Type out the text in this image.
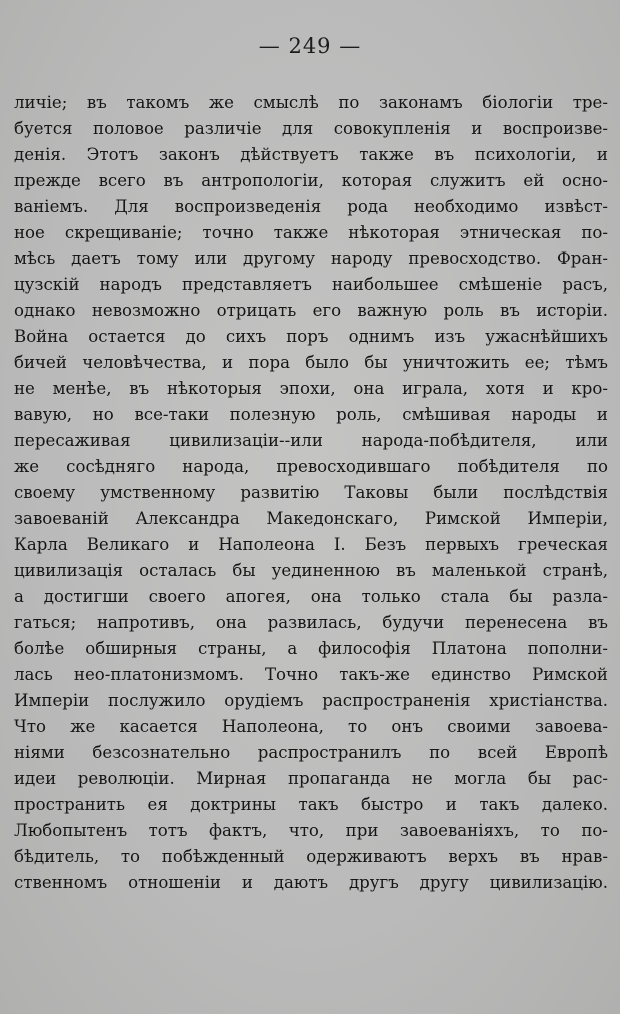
— 249 —
личie; въ такомъ же смыслѣ по законамъ бiологiи тре-
буется половое различie для совокупленiя и воспроизве-
денiя. Этотъ законъ дѣйствуетъ также въ психологiи, и
прежде всего въ антропологiи, которая служитъ ей осно-
ванiемъ. Для воспроизведенiя рода необходимо извѣст-
ное скрещиванie; точно также нѣкоторая этническая по-
мѣсь даетъ тому или другому народу превосходство. Фран-
цузскiй народъ представляетъ наибольшее смѣшенie расъ,
однако невозможно отрицать его важную роль въ исторiи.
Война остается до сихъ поръ однимъ изъ ужаснѣйшихъ
бичей человѣчества, и пора было бы уничтожить ее; тѣмъ
не менѣе, въ нѣкоторыя эпохи, она играла, хотя и кро-
вавую, но все-таки полезную роль, смѣшивая народы и
пересаживая цивилизацiи--или народа-побѣдителя, или
же сосѣдняго народа, превосходившаго побѣдителя по
своему умственному развитiю Таковы были послѣдствiя
завоеванiй Александра Македонскаго, Римской Имперiи,
Карла Великаго и Наполеона I. Безъ первыхъ греческая
цивилизацiя осталась бы уединенною въ маленькой странѣ,
а достигши своего апогея, она только стала бы разла-
гаться; напротивъ, она развилась, будучи перенесена въ
болѣе обширныя страны, а философiя Платона пополни-
лась нео-платонизмомъ. Точно такъ-же единство Римской
Имперiи послужило орудiемъ распространенiя христiанства.
Что же касается Наполеона, то онъ своими завоева-
нiями безсознательно распространилъ по всей Европѣ
идеи революцiи. Мирная пропаганда не могла бы рас-
пространить ея доктрины такъ быстро и такъ далеко.
Любопытенъ тотъ фактъ, что, при завоеванiяхъ, то по-
бѣдитель, то побѣжденный одерживаютъ верхъ въ нрав-
ственномъ отношенiи и даютъ другъ другу цивилизацiю.
